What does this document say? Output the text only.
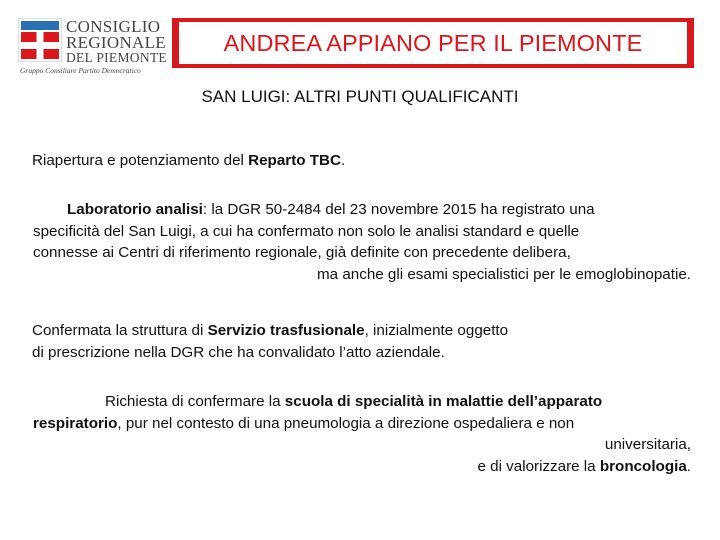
CONSIGLIO
REGIONALE
DEL PIEMONTE
Gruppo Consiliare Partito Democratico
ANDREA APPIANO PER IL PIEMONTE
SAN LUIGI: ALTRI PUNTI QUALIFICANTI
Riapertura e potenziamento del Reparto TBC.
Laboratorio analisi: la DGR 50-2484 del 23 novembre 2015 ha registrato una
specificità del San Luigi, a cui ha confermato non solo le analisi standard e quelle
connesse ai Centri di riferimento regionale, già definite con precedente delibera,
ma anche gli esami specialistici per le emoglobinopatie.
Confermata la struttura di Servizio trasfusionale, inizialmente oggetto
di prescrizione nella DGR che ha convalidato l’atto aziendale.
Richiesta di confermare la scuola di specialità in malattie dell’apparato
respiratorio, pur nel contesto di una pneumologia a direzione ospedaliera e non
universitaria,
e di valorizzare la broncologia.
